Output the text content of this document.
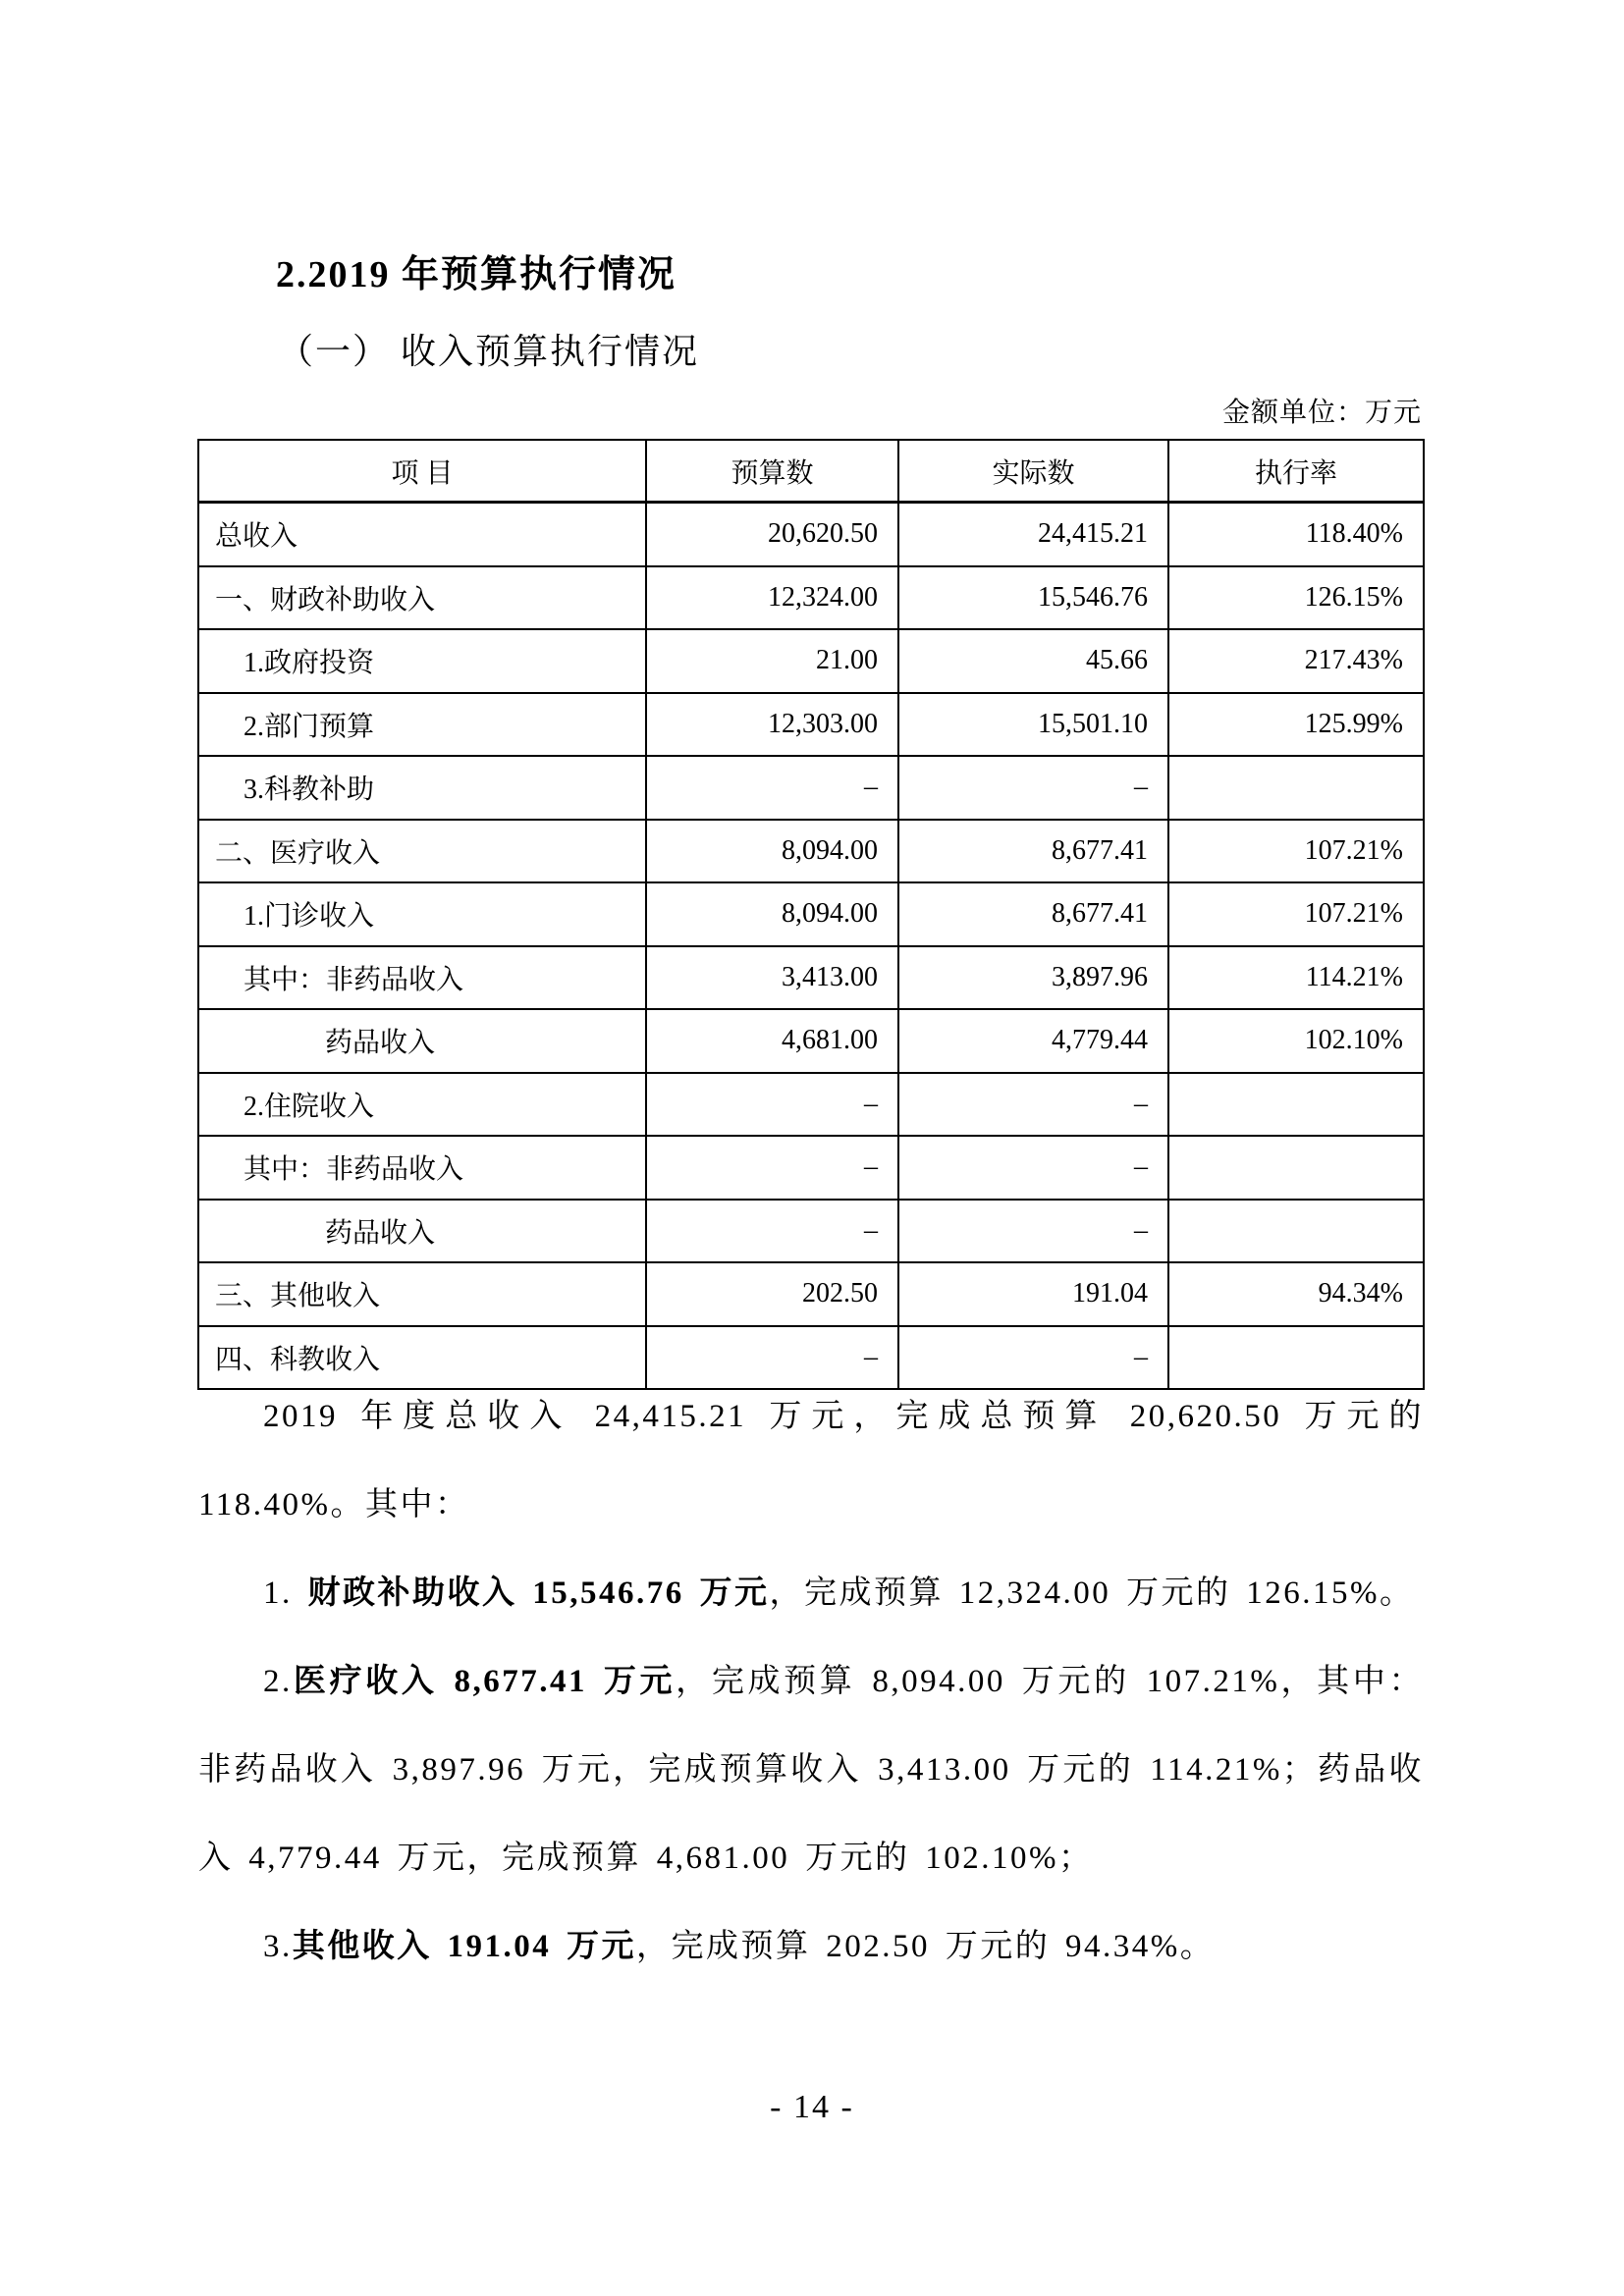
2.2019 年预算执行情况
（一） 收入预算执行情况
金额单位：万元
项 目	预算数	实际数	执行率
总收入	20,620.50	24,415.21	118.40%
一、财政补助收入	12,324.00	15,546.76	126.15%
1.政府投资	21.00	45.66	217.43%
2.部门预算	12,303.00	15,501.10	125.99%
3.科教补助	–	–	
二、医疗收入	8,094.00	8,677.41	107.21%
1.门诊收入	8,094.00	8,677.41	107.21%
其中：非药品收入	3,413.00	3,897.96	114.21%
药品收入	4,681.00	4,779.44	102.10%
2.住院收入	–	–	
其中：非药品收入	–	–	
药品收入	–	–	
三、其他收入	202.50	191.04	94.34%
四、科教收入	–	–	

2019 年度总收入 24,415.21 万元，完成总预算 20,620.50 万元的 118.40%。其中：

1. 财政补助收入 15,546.76 万元，完成预算 12,324.00 万元的 126.15%。

2.医疗收入 8,677.41 万元，完成预算 8,094.00 万元的 107.21%，其中：非药品收入 3,897.96 万元，完成预算收入 3,413.00 万元的 114.21%；药品收入 4,779.44 万元，完成预算 4,681.00 万元的 102.10%；

3.其他收入 191.04 万元，完成预算 202.50 万元的 94.34%。

- 14 -
